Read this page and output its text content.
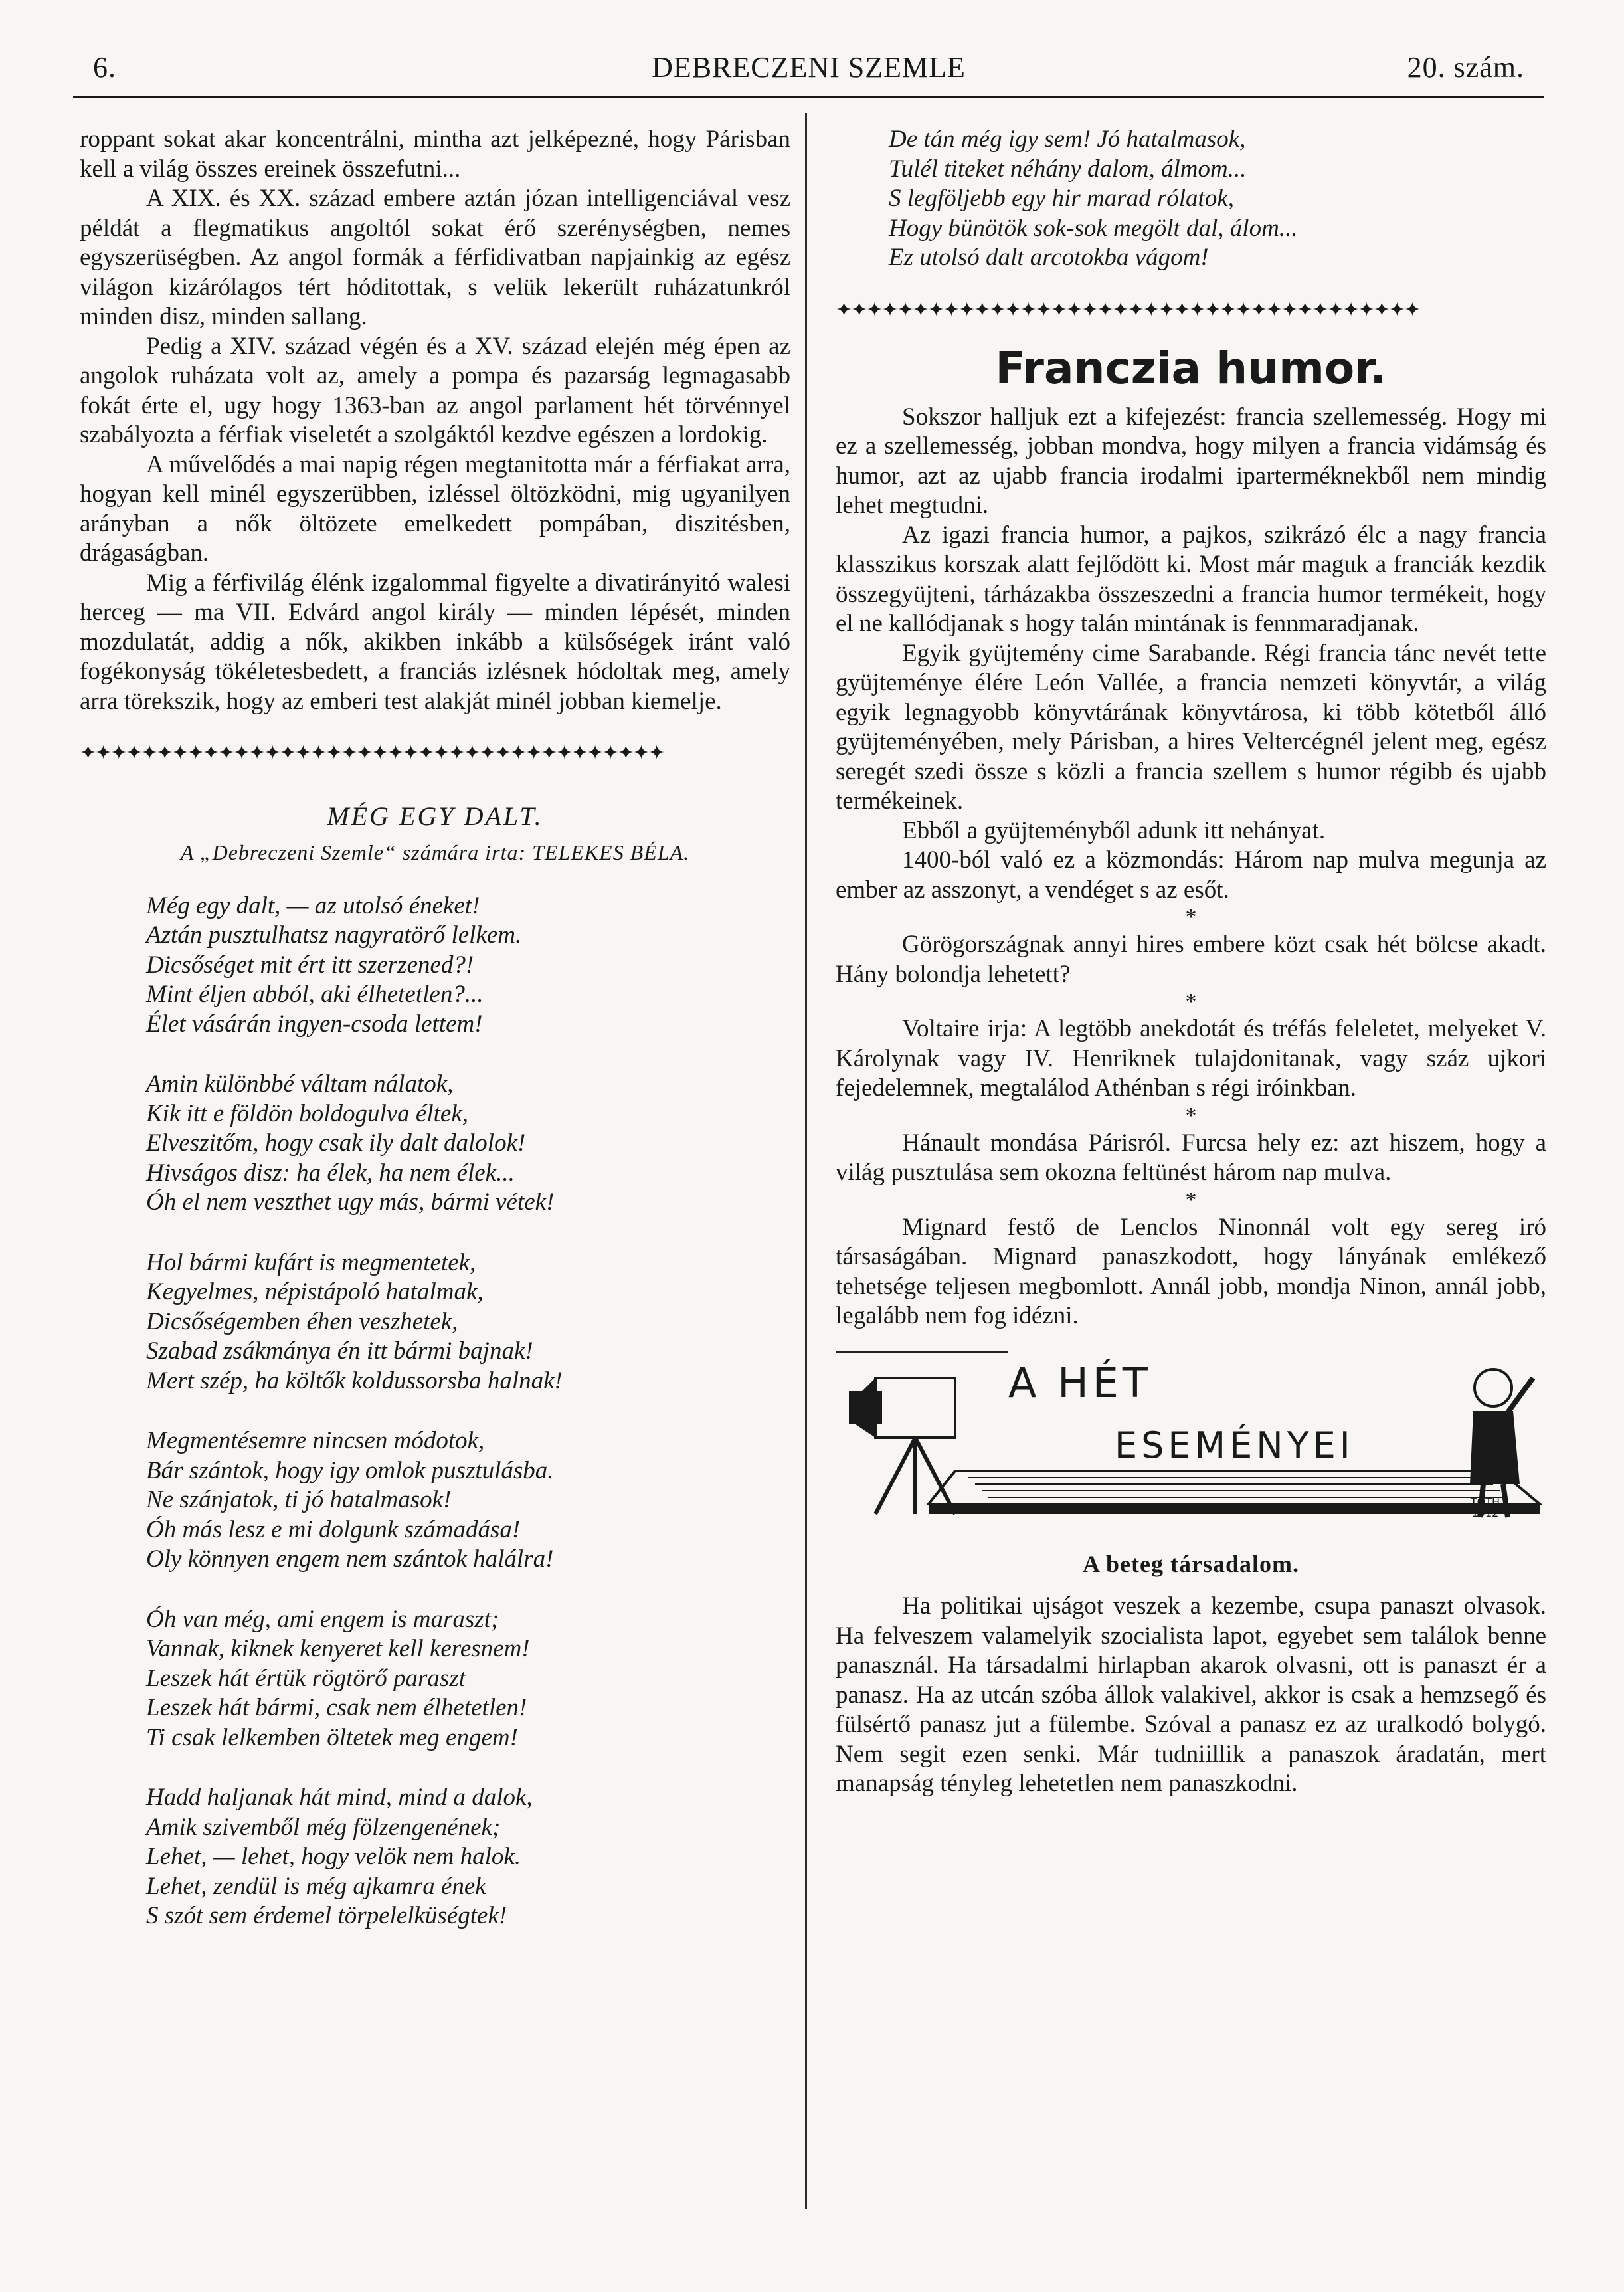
6.	DEBRECZENI SZEMLE	20. szám.

roppant sokat akar koncentrálni, mintha azt jelképezné, hogy Párisban kell a világ összes ereinek összefutni...

A XIX. és XX. század embere aztán józan intelligenciával vesz példát a flegmatikus angoltól sokat érő szerénységben, nemes egyszerüségben. Az angol formák a férfidivatban napjainkig az egész világon kizárólagos tért hóditottak, s velük lekerült ruházatunkról minden disz, minden sallang.

Pedig a XIV. század végén és a XV. század elején még épen az angolok ruházata volt az, amely a pompa és pazarság legmagasabb fokát érte el, ugy hogy 1363-ban az angol parlament hét törvénnyel szabályozta a férfiak viseletét a szolgáktól kezdve egészen a lordokig.

A művelődés a mai napig régen megtanitotta már a férfiakat arra, hogyan kell minél egyszerübben, izléssel öltözködni, mig ugyanilyen arányban a nők öltözete emelkedett pompában, diszitésben, drágaságban.

Mig a férfivilág élénk izgalommal figyelte a divatirányitó walesi herceg — ma VII. Edvárd angol király — minden lépését, minden mozdulatát, addig a nők, akikben inkább a külsőségek iránt való fogékonyság tökéletesbedett, a franciás izlésnek hódoltak meg, amely arra törekszik, hogy az emberi test alakját minél jobban kiemelje.

✦✦✦✦✦✦✦✦✦✦✦✦✦✦✦✦✦✦✦✦✦✦✦✦✦✦✦✦✦✦✦✦✦✦✦✦✦✦
MÉG EGY DALT.
A „Debreczeni Szemle“ számára irta: TELEKES BÉLA.
Még egy dalt, — az utolsó éneket!
Aztán pusztulhatsz nagyratörő lelkem.
Dicsőséget mit ért itt szerzened?!
Mint éljen abból, aki élhetetlen?...
Élet vásárán ingyen-csoda lettem!
Amin különbbé váltam nálatok,
Kik itt e földön boldogulva éltek,
Elveszitőm, hogy csak ily dalt dalolok!
Hivságos disz: ha élek, ha nem élek...
Óh el nem veszthet ugy más, bármi vétek!
Hol bármi kufárt is megmentetek,
Kegyelmes, népistápoló hatalmak,
Dicsőségemben éhen veszhetek,
Szabad zsákmánya én itt bármi bajnak!
Mert szép, ha költők koldussorsba halnak!
Megmentésemre nincsen módotok,
Bár szántok, hogy igy omlok pusztulásba.
Ne szánjatok, ti jó hatalmasok!
Óh más lesz e mi dolgunk számadása!
Oly könnyen engem nem szántok halálra!
Óh van még, ami engem is maraszt;
Vannak, kiknek kenyeret kell keresnem!
Leszek hát értük rögtörő paraszt
Leszek hát bármi, csak nem élhetetlen!
Ti csak lelkemben öltetek meg engem!
Hadd haljanak hát mind, mind a dalok,
Amik szivemből még fölzengenének;
Lehet, — lehet, hogy velök nem halok.
Lehet, zendül is még ajkamra ének
S szót sem érdemel törpelelküségtek!
De tán még igy sem! Jó hatalmasok,
Tulél titeket néhány dalom, álmom...
S legföljebb egy hir marad rólatok,
Hogy bünötök sok-sok megölt dal, álom...
Ez utolsó dalt arcotokba vágom!
✦✦✦✦✦✦✦✦✦✦✦✦✦✦✦✦✦✦✦✦✦✦✦✦✦✦✦✦✦✦✦✦✦✦✦✦✦✦
Franczia humor.

Sokszor halljuk ezt a kifejezést: francia szellemesség. Hogy mi ez a szellemesség, jobban mondva, hogy milyen a francia vidámság és humor, azt az ujabb francia irodalmi iparterméknekből nem mindig lehet megtudni.

Az igazi francia humor, a pajkos, szikrázó élc a nagy francia klasszikus korszak alatt fejlődött ki. Most már maguk a franciák kezdik összegyüjteni, tárházakba összeszedni a francia humor termékeit, hogy el ne kallódjanak s hogy talán mintának is fennmaradjanak.

Egyik gyüjtemény cime Sarabande. Régi francia tánc nevét tette gyüjteménye élére León Vallée, a francia nemzeti könyvtár, a világ egyik legnagyobb könyvtárának könyvtárosa, ki több kötetből álló gyüjteményében, mely Párisban, a hires Veltercégnél jelent meg, egész seregét szedi össze s közli a francia szellem s humor régibb és ujabb termékeinek.

Ebből a gyüjteményből adunk itt nehányat.

1400-ból való ez a közmondás: Három nap mulva megunja az ember az asszonyt, a vendéget s az esőt.

*

Görögországnak annyi hires embere közt csak hét bölcse akadt. Hány bolondja lehetett?

*

Voltaire irja: A legtöbb anekdotát és tréfás feleletet, melyeket V. Károlynak vagy IV. Henriknek tulajdonitanak, vagy száz ujkori fejedelemnek, megtalálod Athénban s régi iróinkban.

*

Hánault mondása Párisról. Furcsa hely ez: azt hiszem, hogy a világ pusztulása sem okozna feltünést három nap mulva.

*

Mignard festő de Lenclos Ninonnál volt egy sereg iró társaságában. Mignard panaszkodott, hogy lányának emlékező tehetsége teljesen megbomlott. Annál jobb, mondja Ninon, annál jobb, legalább nem fog idézni.

A HÉT
ESEMÉNYEI
TÓTH
1912
A beteg társadalom.

Ha politikai ujságot veszek a kezembe, csupa panaszt olvasok. Ha felveszem valamelyik szocialista lapot, egyebet sem találok benne panasznál. Ha társadalmi hirlapban akarok olvasni, ott is panaszt ér a panasz. Ha az utcán szóba állok valakivel, akkor is csak a hemzsegő és fülsértő panasz jut a fülembe. Szóval a panasz ez az uralkodó bolygó. Nem segit ezen senki. Már tudniillik a panaszok áradatán, mert manapság tényleg lehetetlen nem panaszkodni.
